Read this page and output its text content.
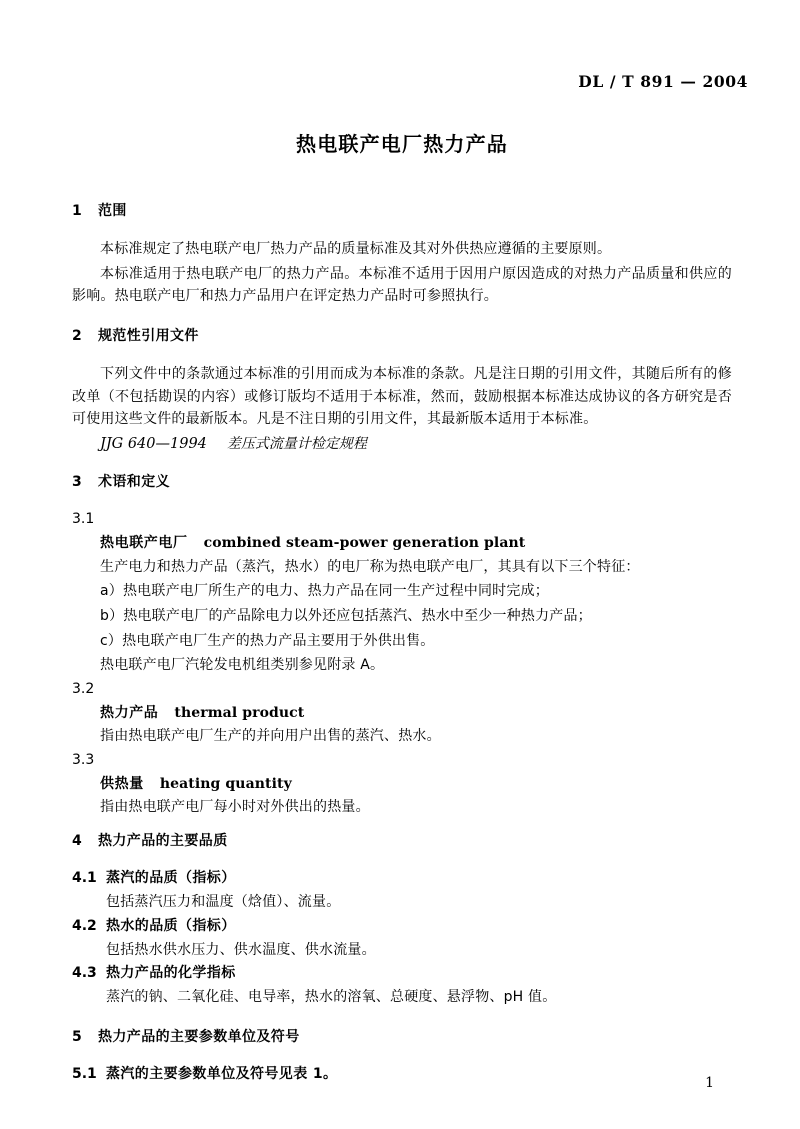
DL / T 891 — 2004
热电联产电厂热力产品
1	范围

本标准规定了热电联产电厂热力产品的质量标准及其对外供热应遵循的主要原则。

本标准适用于热电联产电厂的热力产品。本标准不适用于因用户原因造成的对热力产品质量和供应的影响。热电联产电厂和热力产品用户在评定热力产品时可参照执行。

2	规范性引用文件

下列文件中的条款通过本标准的引用而成为本标准的条款。凡是注日期的引用文件，其随后所有的修改单（不包括勘误的内容）或修订版均不适用于本标准，然而，鼓励根据本标准达成协议的各方研究是否可使用这些文件的最新版本。凡是不注日期的引用文件，其最新版本适用于本标准。

JJG 640—1994 差压式流量计检定规程
3	术语和定义
3.1
热电联产电厂 combined steam-power generation plant

生产电力和热力产品（蒸汽，热水）的电厂称为热电联产电厂，其具有以下三个特征：

a）热电联产电厂所生产的电力、热力产品在同一生产过程中同时完成；

b）热电联产电厂的产品除电力以外还应包括蒸汽、热水中至少一种热力产品；

c）热电联产电厂生产的热力产品主要用于外供出售。

热电联产电厂汽轮发电机组类别参见附录 A。

3.2
热力产品 thermal product

指由热电联产电厂生产的并向用户出售的蒸汽、热水。

3.3
供热量 heating quantity

指由热电联产电厂每小时对外供出的热量。

4	热力产品的主要品质
4.1 蒸汽的品质（指标）

包括蒸汽压力和温度（焓值）、流量。

4.2 热水的品质（指标）

包括热水供水压力、供水温度、供水流量。

4.3 热力产品的化学指标

蒸汽的钠、二氧化硅、电导率，热水的溶氧、总硬度、悬浮物、pH 值。

5	热力产品的主要参数单位及符号
5.1 蒸汽的主要参数单位及符号见表 1。
1
